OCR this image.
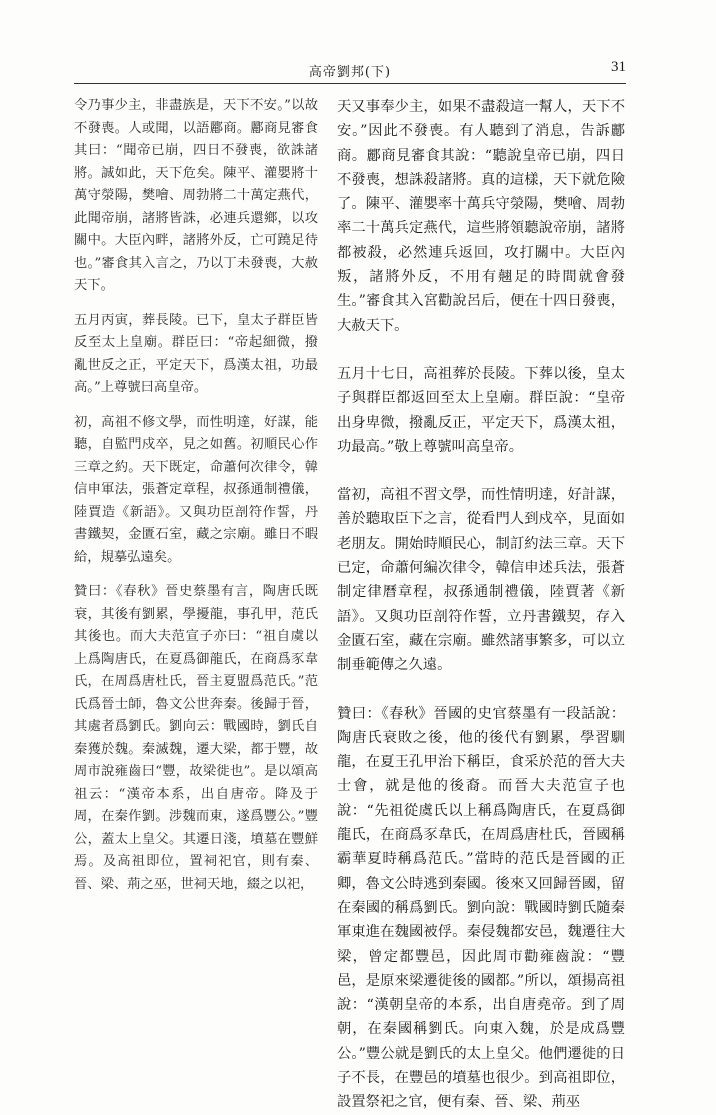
高帝劉邦(下)	31

令乃事少主，非盡族是，天下不安。”以故不發喪。人或聞，以語酈商。酈商見審食其曰：“聞帝已崩，四日不發喪，欲誅諸將。誠如此，天下危矣。陳平、灌嬰將十萬守滎陽，樊噲、周勃將二十萬定燕代，此聞帝崩，諸將皆誅，必連兵還鄉，以攻關中。大臣內畔，諸將外反，亡可蹺足待也。”審食其入言之，乃以丁未發喪，大赦天下。

五月丙寅，葬長陵。已下，皇太子群臣皆反至太上皇廟。群臣曰：“帝起細微，撥亂世反之正，平定天下，爲漢太祖，功最高。”上尊號曰高皇帝。

初，高祖不修文學，而性明達，好謀，能聽，自監門戍卒，見之如舊。初順民心作三章之約。天下既定，命蕭何次律令，韓信申軍法，張蒼定章程，叔孫通制禮儀，陸賈造《新語》。又與功臣剖符作誓，丹書鐵契，金匱石室，藏之宗廟。雖日不暇給，規摹弘遠矣。

贊曰：《春秋》晉史蔡墨有言，陶唐氏既衰，其後有劉累，學擾龍，事孔甲，范氏其後也。而大夫范宣子亦曰：“祖自虞以上爲陶唐氏，在夏爲御龍氏，在商爲豕韋氏，在周爲唐杜氏，晉主夏盟爲范氏。”范氏爲晉士師，魯文公世奔秦。後歸于晉，其處者爲劉氏。劉向云：戰國時，劉氏自秦獲於魏。秦滅魏，遷大梁，都于豐，故周市說雍齒曰“豐，故梁徙也”。是以頌高祖云：“漢帝本系，出自唐帝。降及于周，在秦作劉。涉魏而東，遂爲豐公。”豐公，蓋太上皇父。其遷日淺，墳墓在豐鮮焉。及高祖即位，置祠祀官，則有秦、晉、梁、荊之巫，世祠天地，綴之以祀，

天又事奉少主，如果不盡殺這一幫人，天下不安。”因此不發喪。有人聽到了消息，告訴酈商。酈商見審食其說：“聽說皇帝已崩，四日不發喪，想誅殺諸將。真的這樣，天下就危險了。陳平、灌嬰率十萬兵守滎陽，樊噲、周勃率二十萬兵定燕代，這些將領聽說帝崩，諸將都被殺，必然連兵返回，攻打關中。大臣內叛，諸將外反，不用有翹足的時間就會發生。”審食其入宮勸說呂后，便在十四日發喪，大赦天下。

五月十七日，高祖葬於長陵。下葬以後，皇太子與群臣都返回至太上皇廟。群臣說：“皇帝出身卑微，撥亂反正，平定天下，爲漢太祖，功最高。”敬上尊號叫高皇帝。

當初，高祖不習文學，而性情明達，好計謀，善於聽取臣下之言，從看門人到戍卒，見面如老朋友。開始時順民心，制訂約法三章。天下已定，命蕭何編次律令，韓信申述兵法，張蒼制定律曆章程，叔孫通制禮儀，陸賈著《新語》。又與功臣剖符作誓，立丹書鐵契，存入金匱石室，藏在宗廟。雖然諸事繁多，可以立制垂範傳之久遠。

贊曰：《春秋》晉國的史官蔡墨有一段話說：陶唐氏衰敗之後，他的後代有劉累，學習馴龍，在夏王孔甲治下稱臣，食采於范的晉大夫士會，就是他的後裔。而晉大夫范宣子也說：“先祖從虞氏以上稱爲陶唐氏，在夏爲御龍氏，在商爲豕韋氏，在周爲唐杜氏，晉國稱霸華夏時稱爲范氏。”當時的范氏是晉國的正卿，魯文公時逃到秦國。後來又回歸晉國，留在秦國的稱爲劉氏。劉向說：戰國時劉氏隨秦軍東進在魏國被俘。秦侵魏都安邑，魏遷往大梁，曾定都豐邑，因此周市勸雍齒說：“豐邑，是原來梁遷徙後的國都。”所以，頌揚高祖說：“漢朝皇帝的本系，出自唐堯帝。到了周朝，在秦國稱劉氏。向東入魏，於是成爲豐公。”豐公就是劉氏的太上皇父。他們遷徙的日子不長，在豐邑的墳墓也很少。到高祖即位，設置祭祀之官，便有秦、晉、梁、荊巫
